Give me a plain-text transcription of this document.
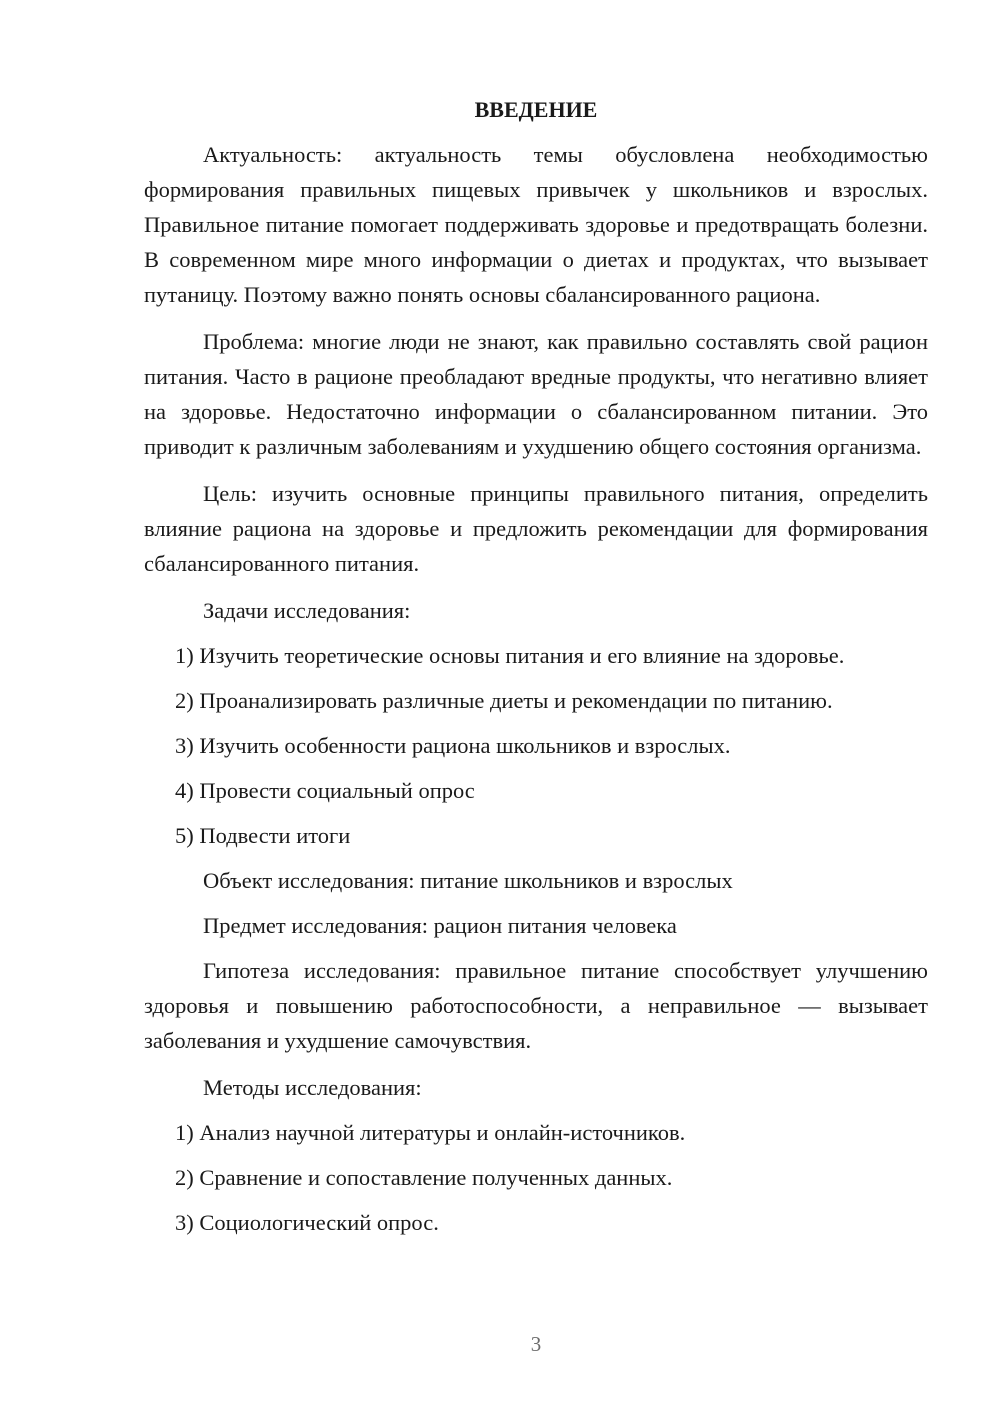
ВВЕДЕНИЕ

Актуальность: актуальность темы обусловлена необходимостью формирования правильных пищевых привычек у школьников и взрослых. Правильное питание помогает поддерживать здоровье и предотвращать болезни. В современном мире много информации о диетах и продуктах, что вызывает путаницу. Поэтому важно понять основы сбалансированного рациона.

Проблема: многие люди не знают, как правильно составлять свой рацион питания. Часто в рационе преобладают вредные продукты, что негативно влияет на здоровье. Недостаточно информации о сбалансированном питании. Это приводит к различным заболеваниям и ухудшению общего состояния организма.

Цель: изучить основные принципы правильного питания, определить влияние рациона на здоровье и предложить рекомендации для формирования сбалансированного питания.

Задачи исследования:
1) Изучить теоретические основы питания и его влияние на здоровье.
2) Проанализировать различные диеты и рекомендации по питанию.
3) Изучить особенности рациона школьников и взрослых.
4) Провести социальный опрос
5) Подвести итоги
Объект исследования: питание школьников и взрослых
Предмет исследования: рацион питания человека

Гипотеза исследования: правильное питание способствует улучшению здоровья и повышению работоспособности, а неправильное — вызывает заболевания и ухудшение самочувствия.

Методы исследования:
1) Анализ научной литературы и онлайн-источников.
2) Сравнение и сопоставление полученных данных.
3) Социологический опрос.
3
